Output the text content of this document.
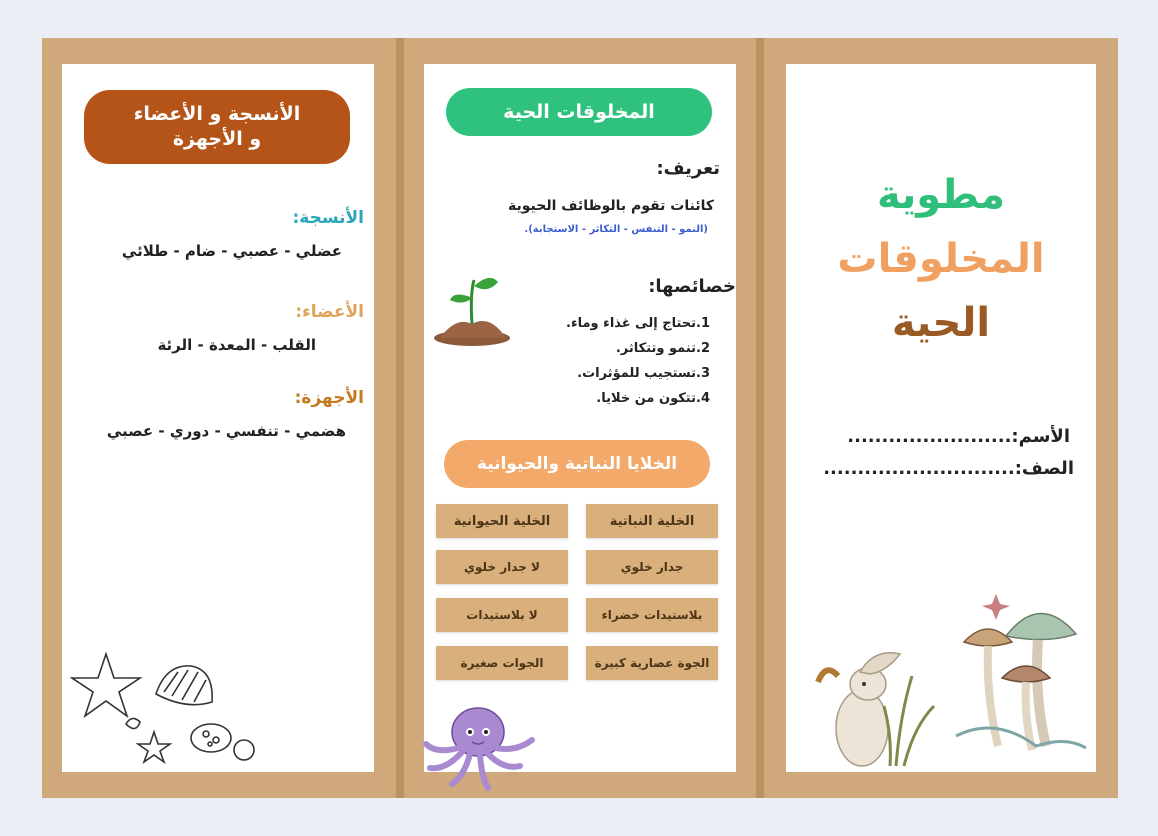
الأنسجة و الأعضاء
و الأجهزة
الأنسجة:
عضلي - عصبي - ضام - طلائي
الأعضاء:
القلب - المعدة - الرئة
الأجهزة:
هضمي - تنفسي - دوري - عصبي
المخلوقات الحية
تعريف:
كائنات تقوم بالوظائف الحيوية
(النمو - التنفس - التكاثر - الاستجابة).
خصائصها:
1.تحتاج إلى غذاء وماء.
2.تنمو وتتكاثر.
3.تستجيب للمؤثرات.
4.تتكون من خلايا.
الخلايا النباتية والحيوانية
الخلية النباتية
الخلية الحيوانية
جدار خلوي
لا جدار خلوي
بلاستيدات خضراء
لا بلاستيدات
الجوة عصارية كبيرة
الجوات صغيرة
مطوية
المخلوقات
الحية
الأسم:........................
الصف:............................
